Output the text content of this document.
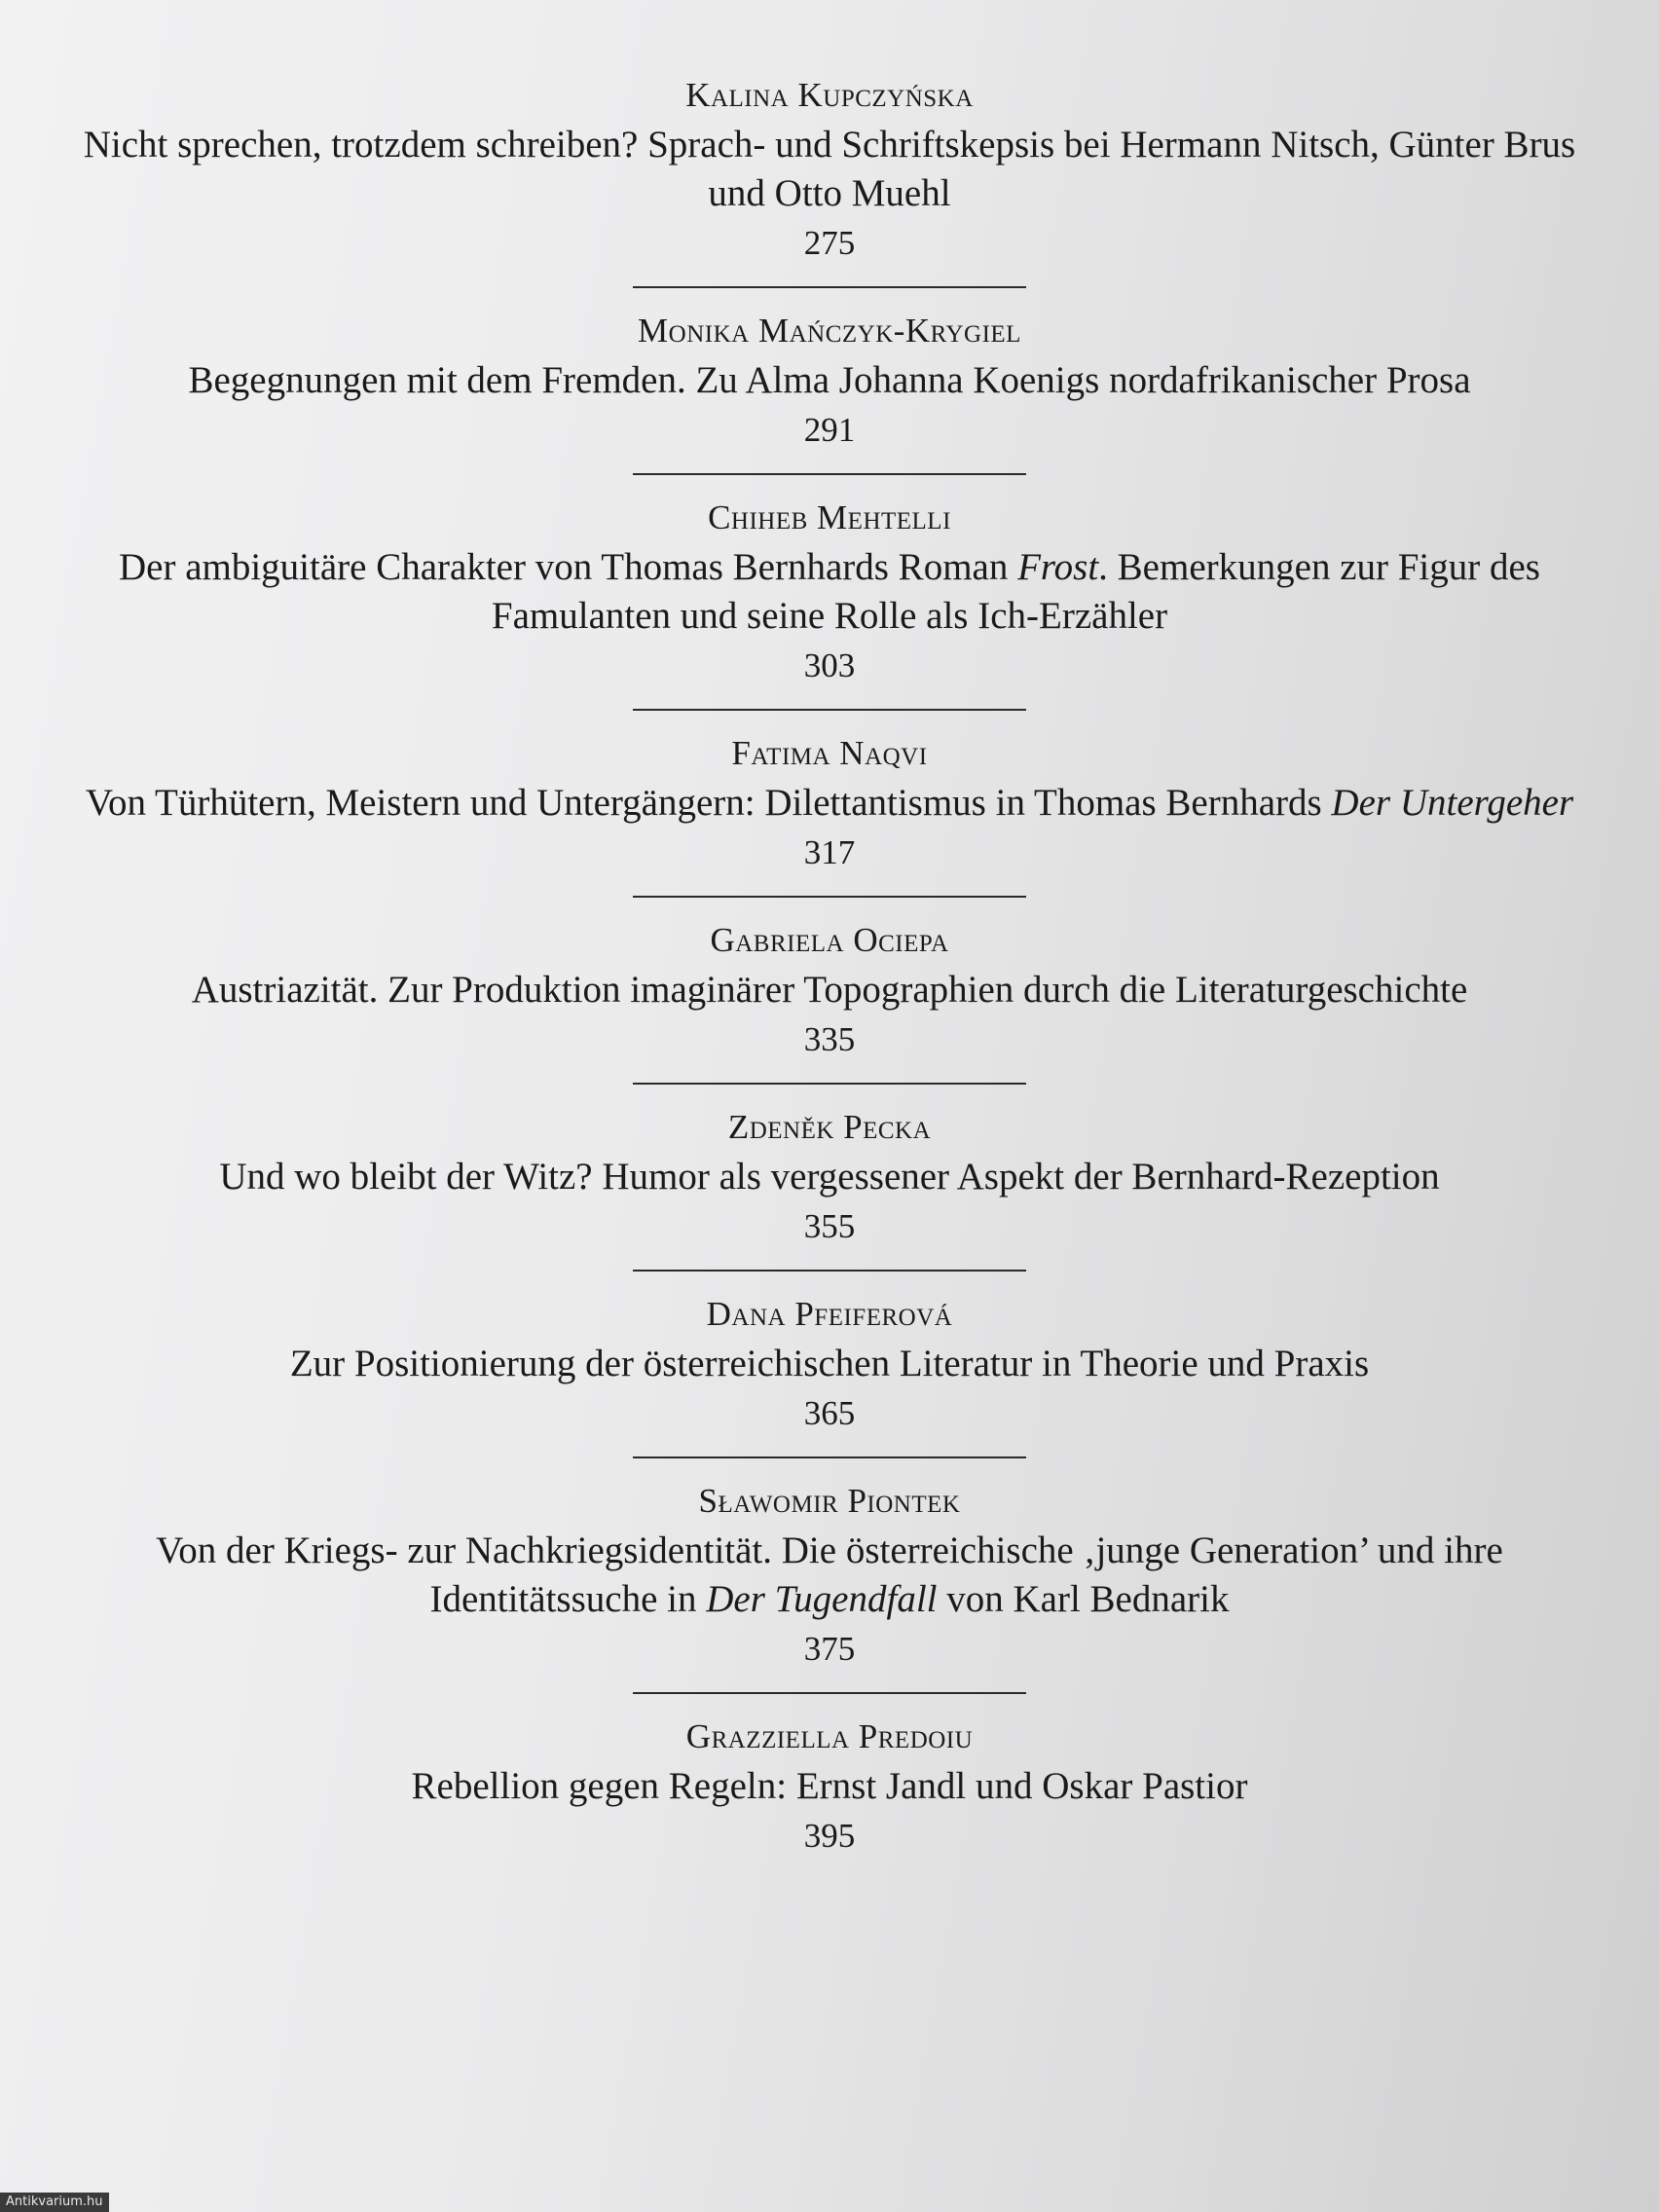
Kalina Kupczyńska
Nicht sprechen, trotzdem schreiben? Sprach- und Schriftskepsis bei Hermann Nitsch, Günter Brus und Otto Muehl
275
Monika Mańczyk-Krygiel
Begegnungen mit dem Fremden. Zu Alma Johanna Koenigs nordafrikanischer Prosa
291
Chiheb Mehtelli
Der ambiguitäre Charakter von Thomas Bernhards Roman Frost. Bemerkungen zur Figur des Famulanten und seine Rolle als Ich-Erzähler
303
Fatima Naqvi
Von Türhütern, Meistern und Untergängern: Dilettantismus in Thomas Bernhards Der Untergeher
317
Gabriela Ociepa
Austriazität. Zur Produktion imaginärer Topographien durch die Literaturgeschichte
335
Zdeněk Pecka
Und wo bleibt der Witz? Humor als vergessener Aspekt der Bernhard-Rezeption
355
Dana Pfeiferová
Zur Positionierung der österreichischen Literatur in Theorie und Praxis
365
Sławomir Piontek
Von der Kriegs- zur Nachkriegsidentität. Die österreichische ‚junge Generation’ und ihre Identitätssuche in Der Tugendfall von Karl Bednarik
375
Grazziella Predoiu
Rebellion gegen Regeln: Ernst Jandl und Oskar Pastior
395
Antikvarium.hu
